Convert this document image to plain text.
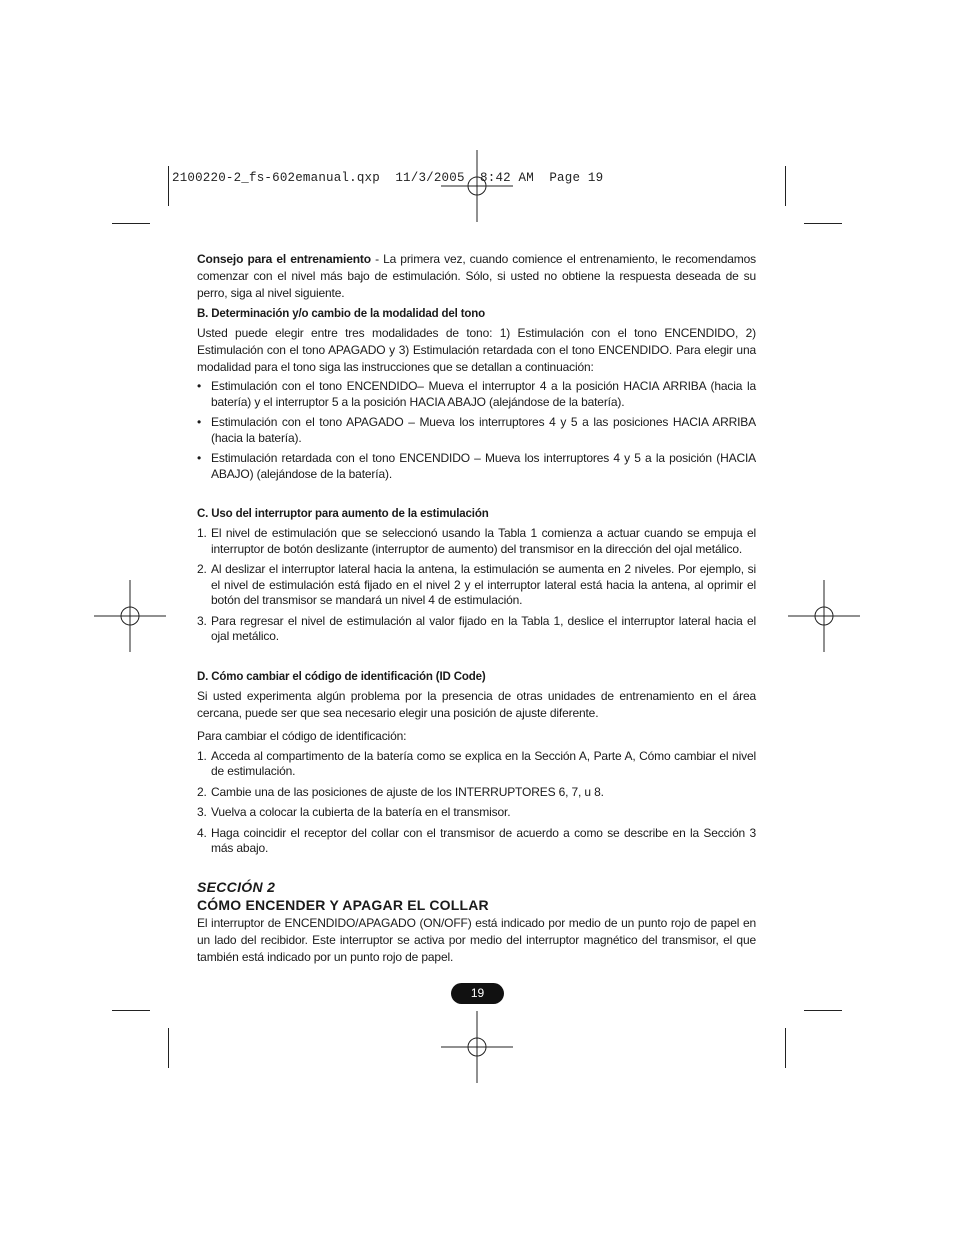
2100220-2_fs-602emanual.qxp  11/3/2005  8:42 AM  Page 19

Consejo para el entrenamiento - La primera vez, cuando comience el entrenamiento, le recomendamos comenzar con el nivel más bajo de estimulación. Sólo, si usted no obtiene la respuesta deseada de su perro, siga al nivel siguiente.

B. Determinación y/o cambio de la modalidad del tono

Usted puede elegir entre tres modalidades de tono: 1) Estimulación con el tono ENCENDIDO, 2) Estimulación con el tono APAGADO y 3) Estimulación retardada con el tono ENCENDIDO. Para elegir una modalidad para el tono siga las instrucciones que se detallan a continuación:

• Estimulación con el tono ENCENDIDO– Mueva el interruptor 4 a la posición HACIA ARRIBA (hacia la batería) y el interruptor 5 a la posición HACIA ABAJO (alejándose de la batería).
• Estimulación con el tono APAGADO – Mueva los interruptores 4 y 5 a las posiciones HACIA ARRIBA (hacia la batería).
• Estimulación retardada con el tono ENCENDIDO – Mueva los interruptores 4 y 5 a la posición (HACIA ABAJO) (alejándose de la batería).

C. Uso del interruptor para aumento de la estimulación

1. El nivel de estimulación que se seleccionó usando la Tabla 1 comienza a actuar cuando se empuja el interruptor de botón deslizante (interruptor de aumento) del transmisor en la dirección del ojal metálico.
2. Al deslizar el interruptor lateral hacia la antena, la estimulación se aumenta en 2 niveles. Por ejemplo, si el nivel de estimulación está fijado en el nivel 2 y el interruptor lateral está hacia la antena, al oprimir el botón del transmisor se mandará un nivel 4 de estimulación.
3. Para regresar el nivel de estimulación al valor fijado en la Tabla 1, deslice el interruptor lateral hacia el ojal metálico.

D. Cómo cambiar el código de identificación (ID Code)

Si usted experimenta algún problema por la presencia de otras unidades de entrenamiento en el área cercana, puede ser que sea necesario elegir una posición de ajuste diferente.

Para cambiar el código de identificación:

1. Acceda al compartimento de la batería como se explica en la Sección A, Parte A, Cómo cambiar el nivel de estimulación.
2. Cambie una de las posiciones de ajuste de los INTERRUPTORES 6, 7, u 8.
3. Vuelva a colocar la cubierta de la batería en el transmisor.
4. Haga coincidir el receptor del collar con el transmisor de acuerdo a como se describe en la Sección 3 más abajo.

SECCIÓN 2

CÓMO ENCENDER Y APAGAR EL COLLAR

El interruptor de ENCENDIDO/APAGADO (ON/OFF) está indicado por medio de un punto rojo de papel en un lado del recibidor. Este interruptor se activa por medio del interruptor magnético del transmisor, el que también está indicado por un punto rojo de papel.

19
